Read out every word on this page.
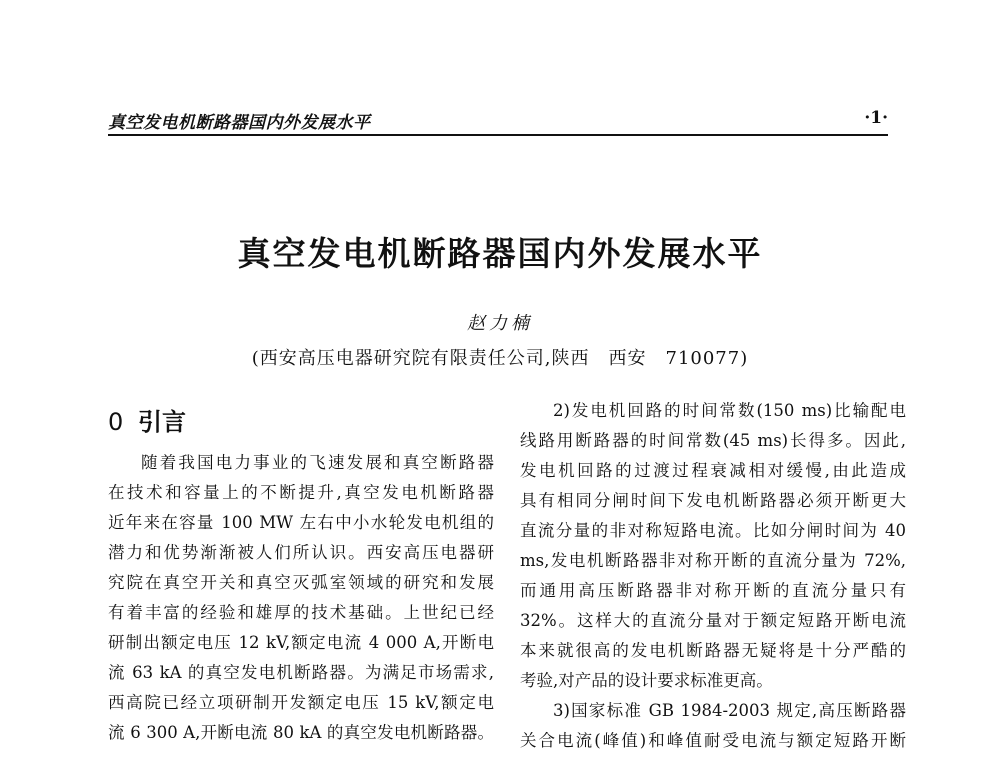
真空发电机断路器国内外发展水平	·1·
真空发电机断路器国内外发展水平
赵力楠
(西安高压电器研究院有限责任公司,陕西　西安　710077)
0 引言
随着我国电力事业的飞速发展和真空断路器
在技术和容量上的不断提升,真空发电机断路器
近年来在容量 100 MW 左右中小水轮发电机组的
潜力和优势渐渐被人们所认识。西安高压电器研
究院在真空开关和真空灭弧室领域的研究和发展
有着丰富的经验和雄厚的技术基础。上世纪已经
研制出额定电压 12 kV,额定电流 4 000 A,开断电
流 63 kA 的真空发电机断路器。为满足市场需求,
西高院已经立项研制开发额定电压 15 kV,额定电
流 6 300 A,开断电流 80 kA 的真空发电机断路器。
2)发电机回路的时间常数(150 ms)比输配电
线路用断路器的时间常数(45 ms)长得多。因此,
发电机回路的过渡过程衰减相对缓慢,由此造成
具有相同分闸时间下发电机断路器必须开断更大
直流分量的非对称短路电流。比如分闸时间为 40
ms,发电机断路器非对称开断的直流分量为 72%,
而通用高压断路器非对称开断的直流分量只有
32%。这样大的直流分量对于额定短路开断电流
本来就很高的发电机断路器无疑将是十分严酷的
考验,对产品的设计要求标准更高。
3)国家标准 GB 1984-2003 规定,高压断路器
关合电流(峰值)和峰值耐受电流与额定短路开断
